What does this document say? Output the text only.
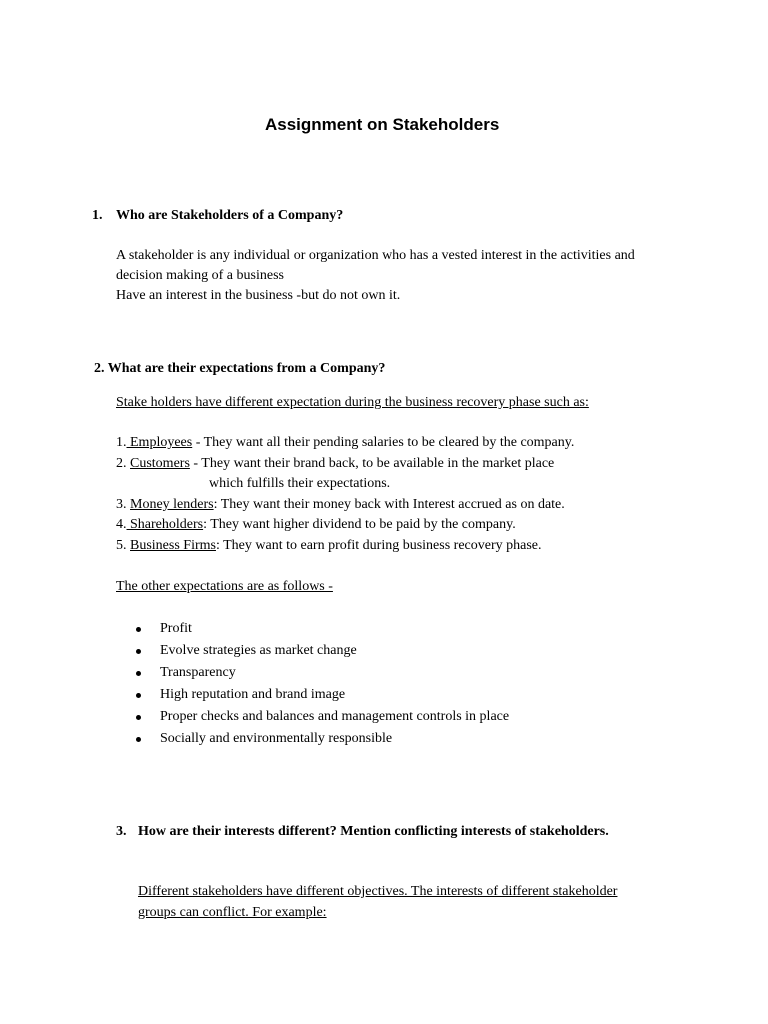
Assignment on Stakeholders
1. Who are Stakeholders of a Company?
A stakeholder is any individual or organization who has a vested interest in the activities and
decision making of a business
Have an interest in the business -but do not own it.
2. What are their expectations from a Company?
Stake holders have different expectation during the business recovery phase such as:
1. Employees - They want all their pending salaries to be cleared by the company.
2. Customers - They want their brand back, to be available in the market place
which fulfills their expectations.
3. Money lenders: They want their money back with Interest accrued as on date.
4. Shareholders: They want higher dividend to be paid by the company.
5. Business Firms: They want to earn profit during business recovery phase.
The other expectations are as follows -
Profit
Evolve strategies as market change
Transparency
High reputation and brand image
Proper checks and balances and management controls in place
Socially and environmentally responsible
3. How are their interests different? Mention conflicting interests of stakeholders.
Different stakeholders have different objectives. The interests of different stakeholder
groups can conflict. For example:
